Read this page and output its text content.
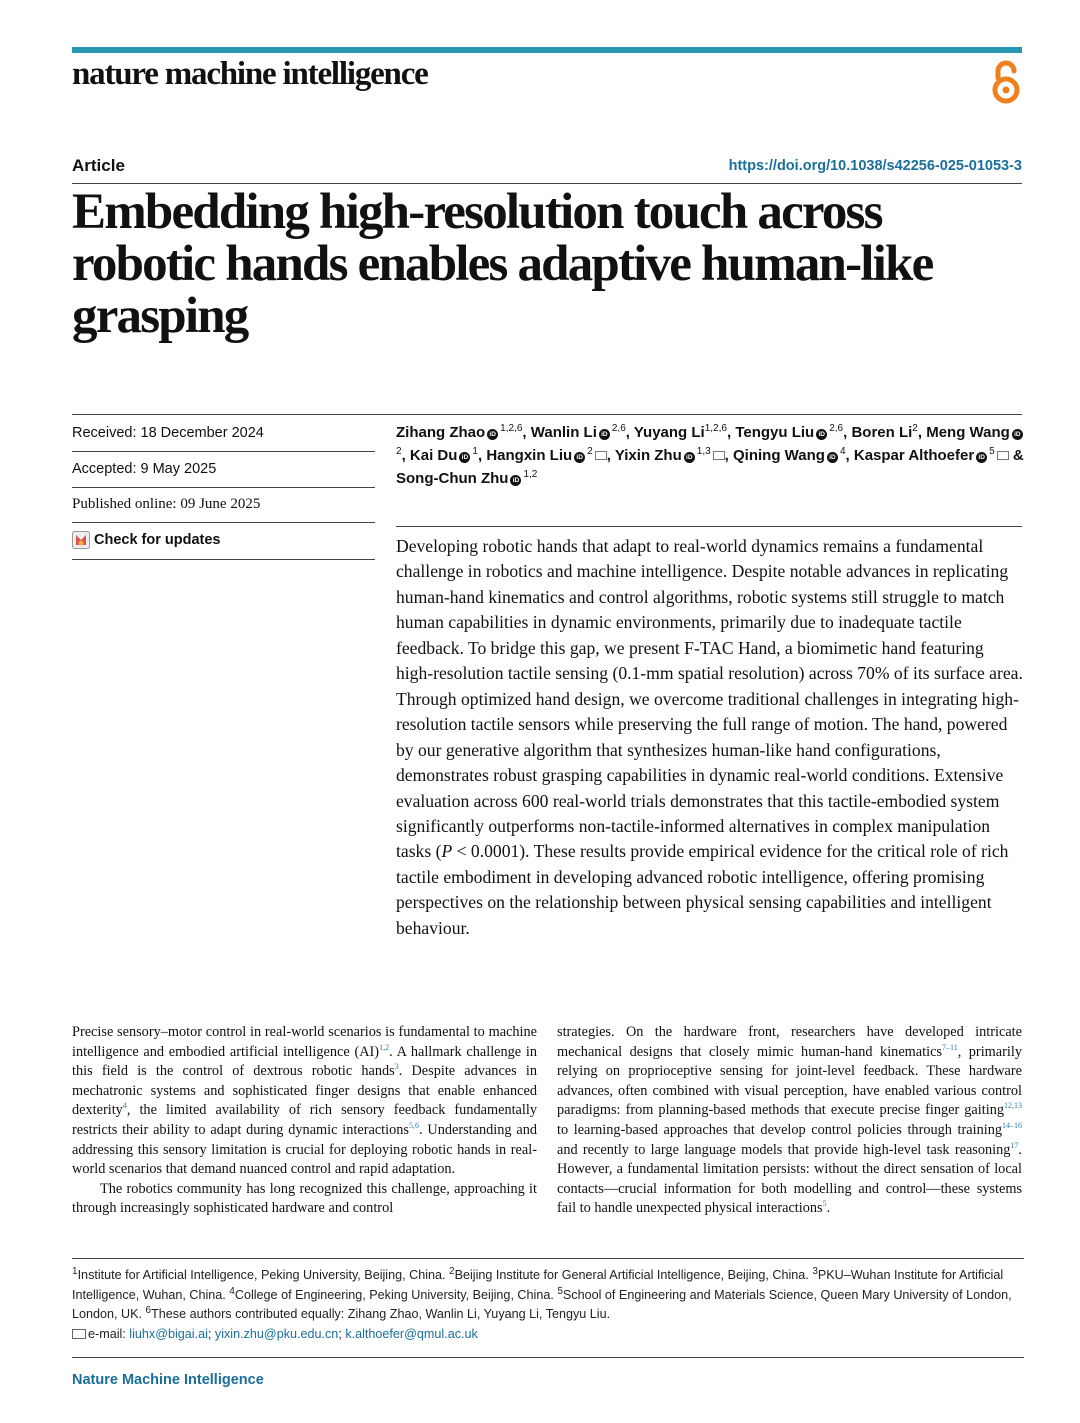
nature machine intelligence
Article	https://doi.org/10.1038/s42256-025-01053-3
Embedding high-resolution touch across robotic hands enables adaptive human-like grasping
Received: 18 December 2024
Accepted: 9 May 2025
Published online: 09 June 2025
Check for updates
Zihang Zhao iD$^{1,2,6}$, Wanlin Li iD$^{2,6}$, Yuyang Li$^{1,2,6}$, Tengyu Liu iD$^{2,6}$, Boren Li$^2$, Meng Wang iD$^2$, Kai Du iD$^1$, Hangxin Liu iD$^2$ , Yixin Zhu iD$^{1,3}$ , Qining Wang iD$^4$, Kaspar Althoefer iD$^5$ & Song-Chun Zhu iD$^{1,2}$

Developing robotic hands that adapt to real-world dynamics remains a fundamental challenge in robotics and machine intelligence. Despite notable advances in replicating human-hand kinematics and control algorithms, robotic systems still struggle to match human capabilities in dynamic environments, primarily due to inadequate tactile feedback. To bridge this gap, we present F-TAC Hand, a biomimetic hand featuring high-resolution tactile sensing (0.1-mm spatial resolution) across 70% of its surface area. Through optimized hand design, we overcome traditional challenges in integrating high-resolution tactile sensors while preserving the full range of motion. The hand, powered by our generative algorithm that synthesizes human-like hand configurations, demonstrates robust grasping capabilities in dynamic real-world conditions. Extensive evaluation across 600 real-world trials demonstrates that this tactile-embodied system significantly outperforms non-tactile-informed alternatives in complex manipulation tasks (P < 0.0001). These results provide empirical evidence for the critical role of rich tactile embodiment in developing advanced robotic intelligence, offering promising perspectives on the relationship between physical sensing capabilities and intelligent behaviour.

Precise sensory–motor control in real-world scenarios is fundamental to machine intelligence and embodied artificial intelligence (AI)$^{1,2}$. A hallmark challenge in this field is the control of dextrous robotic hands$^3$. Despite advances in mechatronic systems and sophisticated finger designs that enable enhanced dexterity$^4$, the limited availability of rich sensory feedback fundamentally restricts their ability to adapt during dynamic interactions$^{5,6}$. Understanding and addressing this sensory limitation is crucial for deploying robotic hands in real-world scenarios that demand nuanced control and rapid adaptation.

The robotics community has long recognized this challenge, approaching it through increasingly sophisticated hardware and control

strategies. On the hardware front, researchers have developed intricate mechanical designs that closely mimic human-hand kinematics$^{7-11}$, primarily relying on proprioceptive sensing for joint-level feedback. These hardware advances, often combined with visual perception, have enabled various control paradigms: from planning-based methods that execute precise finger gaiting$^{12,13}$ to learning-based approaches that develop control policies through training$^{14-16}$ and recently to large language models that provide high-level task reasoning$^{17}$. However, a fundamental limitation persists: without the direct sensation of local contacts—crucial information for both modelling and control—these systems fail to handle unexpected physical interactions$^5$.

$^1$Institute for Artificial Intelligence, Peking University, Beijing, China. $^2$Beijing Institute for General Artificial Intelligence, Beijing, China. $^3$PKU–Wuhan Institute for Artificial Intelligence, Wuhan, China. $^4$College of Engineering, Peking University, Beijing, China. $^5$School of Engineering and Materials Science, Queen Mary University of London, London, UK. $^6$These authors contributed equally: Zihang Zhao, Wanlin Li, Yuyang Li, Tengyu Liu.

e-mail: liuhx@bigai.ai; yixin.zhu@pku.edu.cn; k.althoefer@qmul.ac.uk

Nature Machine Intelligence
